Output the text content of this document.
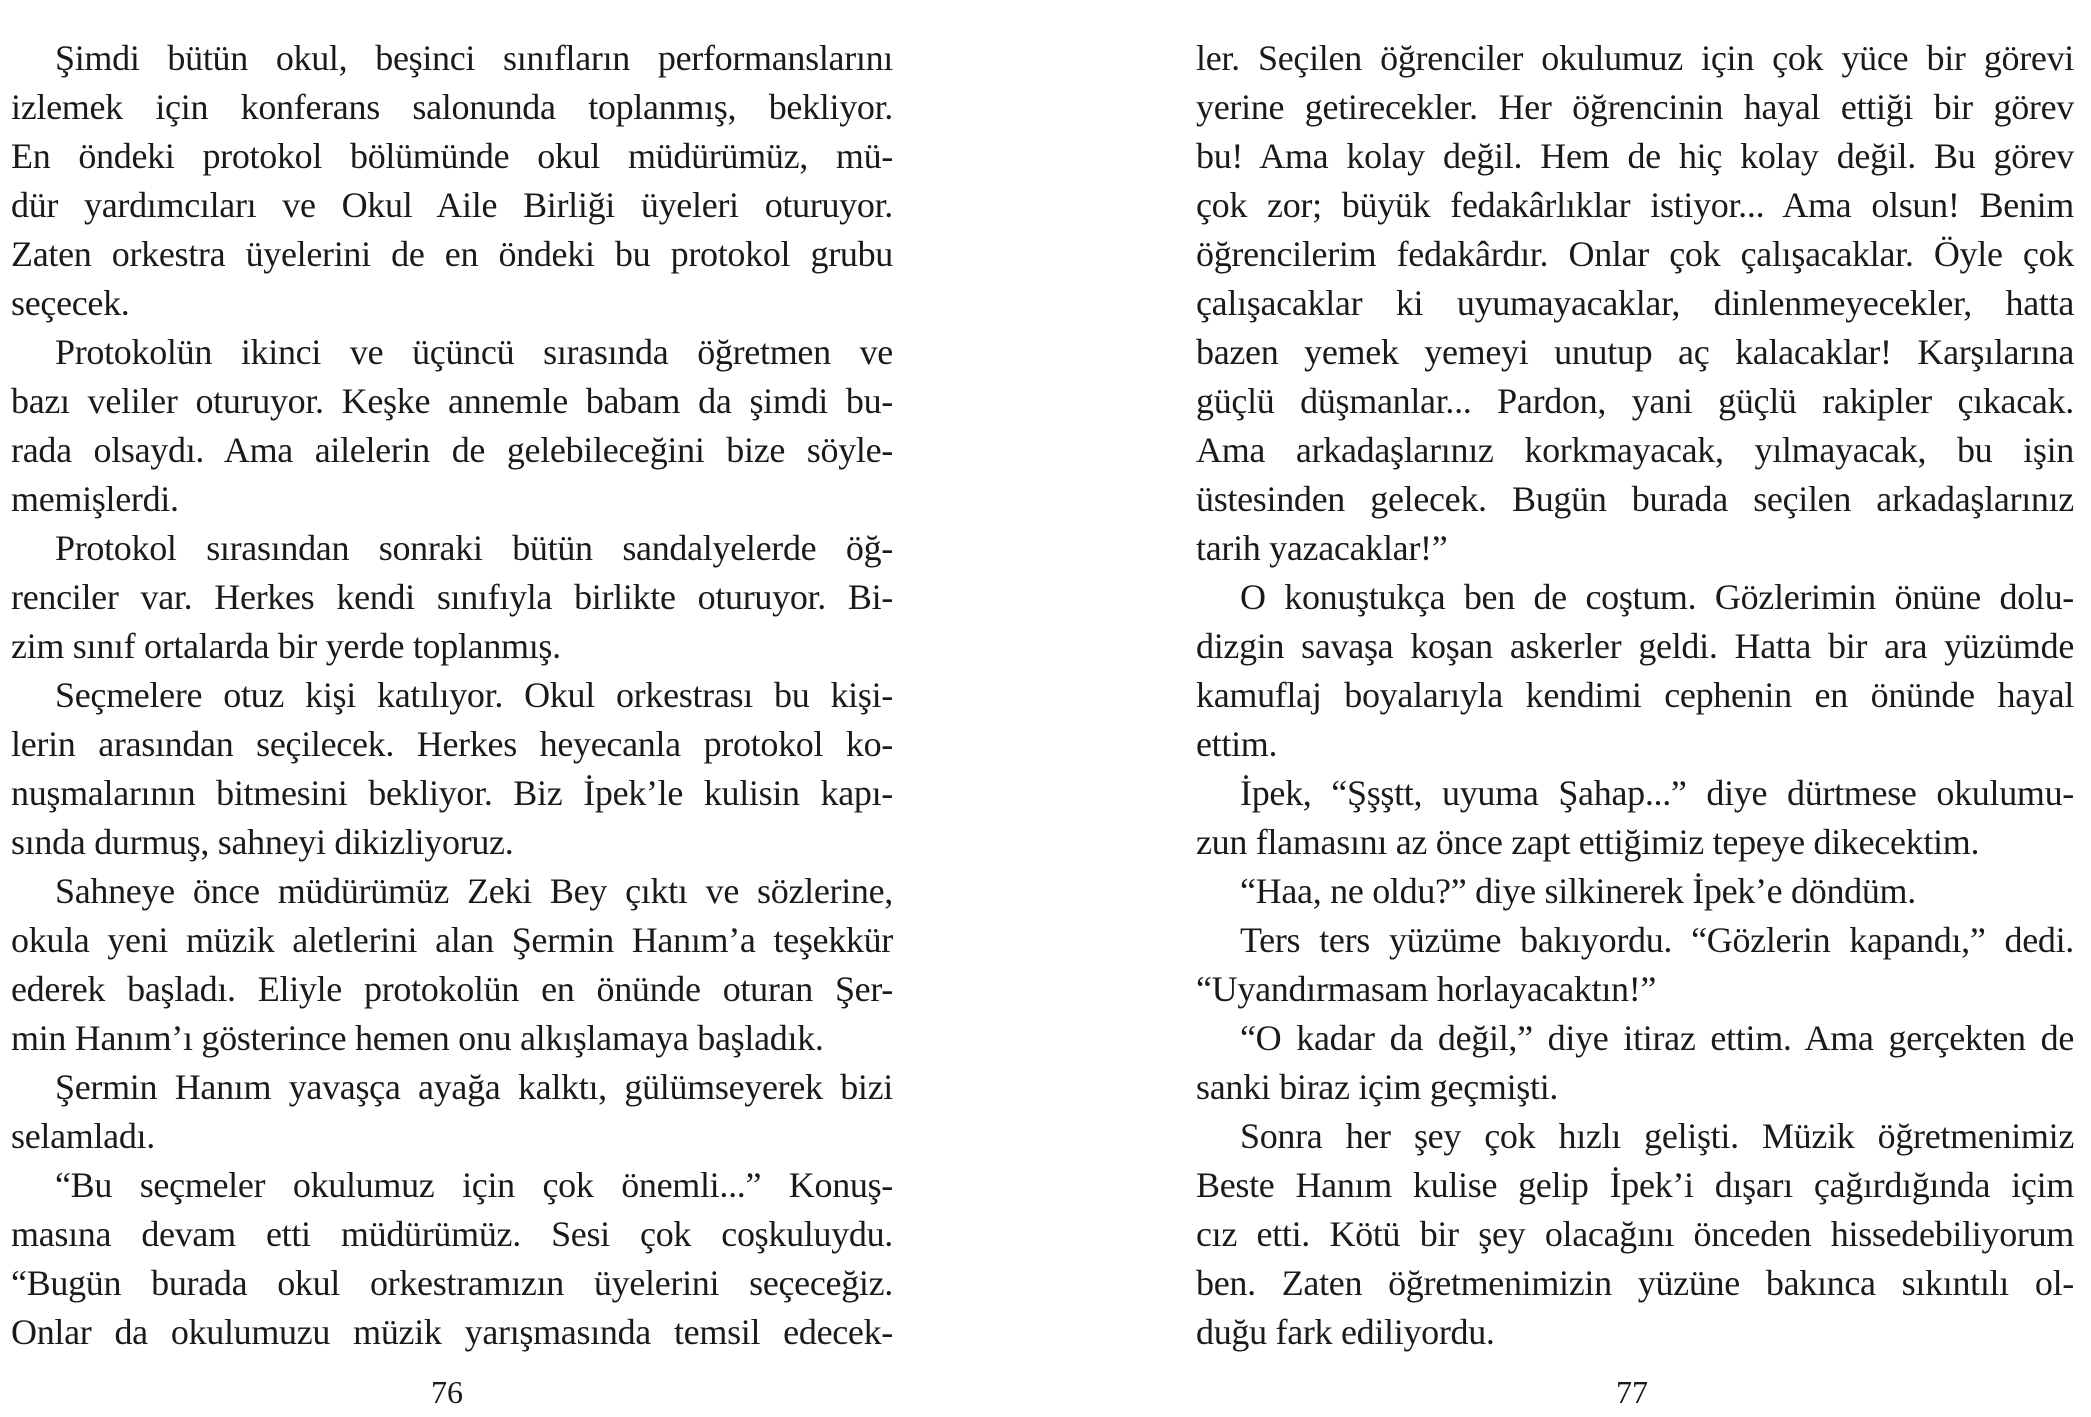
Şimdi bütün okul, beşinci sınıfların performanslarını
izlemek için konferans salonunda toplanmış, bekliyor.
En öndeki protokol bölümünde okul müdürümüz, mü-
dür yardımcıları ve Okul Aile Birliği üyeleri oturuyor.
Zaten orkestra üyelerini de en öndeki bu protokol grubu
seçecek.
Protokolün ikinci ve üçüncü sırasında öğretmen ve
bazı veliler oturuyor. Keşke annemle babam da şimdi bu-
rada olsaydı. Ama ailelerin de gelebileceğini bize söyle-
memişlerdi.
Protokol sırasından sonraki bütün sandalyelerde öğ-
renciler var. Herkes kendi sınıfıyla birlikte oturuyor. Bi-
zim sınıf ortalarda bir yerde toplanmış.
Seçmelere otuz kişi katılıyor. Okul orkestrası bu kişi-
lerin arasından seçilecek. Herkes heyecanla protokol ko-
nuşmalarının bitmesini bekliyor. Biz İpek’le kulisin kapı-
sında durmuş, sahneyi dikizliyoruz.
Sahneye önce müdürümüz Zeki Bey çıktı ve sözlerine,
okula yeni müzik aletlerini alan Şermin Hanım’a teşekkür
ederek başladı. Eliyle protokolün en önünde oturan Şer-
min Hanım’ı gösterince hemen onu alkışlamaya başladık.
Şermin Hanım yavaşça ayağa kalktı, gülümseyerek bizi
selamladı.
“Bu seçmeler okulumuz için çok önemli...” Konuş-
masına devam etti müdürümüz. Sesi çok coşkuluydu.
“Bugün burada okul orkestramızın üyelerini seçeceğiz.
Onlar da okulumuzu müzik yarışmasında temsil edecek-
76
ler. Seçilen öğrenciler okulumuz için çok yüce bir görevi
yerine getirecekler. Her öğrencinin hayal ettiği bir görev
bu! Ama kolay değil. Hem de hiç kolay değil. Bu görev
çok zor; büyük fedakârlıklar istiyor... Ama olsun! Benim
öğrencilerim fedakârdır. Onlar çok çalışacaklar. Öyle çok
çalışacaklar ki uyumayacaklar, dinlenmeyecekler, hatta
bazen yemek yemeyi unutup aç kalacaklar! Karşılarına
güçlü düşmanlar... Pardon, yani güçlü rakipler çıkacak.
Ama arkadaşlarınız korkmayacak, yılmayacak, bu işin
üstesinden gelecek. Bugün burada seçilen arkadaşlarınız
tarih yazacaklar!”
O konuştukça ben de coştum. Gözlerimin önüne dolu-
dizgin savaşa koşan askerler geldi. Hatta bir ara yüzümde
kamuflaj boyalarıyla kendimi cephenin en önünde hayal
ettim.
İpek, “Şşştt, uyuma Şahap...” diye dürtmese okulumu-
zun flamasını az önce zapt ettiğimiz tepeye dikecektim.
“Haa, ne oldu?” diye silkinerek İpek’e döndüm.
Ters ters yüzüme bakıyordu. “Gözlerin kapandı,” dedi.
“Uyandırmasam horlayacaktın!”
“O kadar da değil,” diye itiraz ettim. Ama gerçekten de
sanki biraz içim geçmişti.
Sonra her şey çok hızlı gelişti. Müzik öğretmenimiz
Beste Hanım kulise gelip İpek’i dışarı çağırdığında içim
cız etti. Kötü bir şey olacağını önceden hissedebiliyorum
ben. Zaten öğretmenimizin yüzüne bakınca sıkıntılı ol-
duğu fark ediliyordu.
77
